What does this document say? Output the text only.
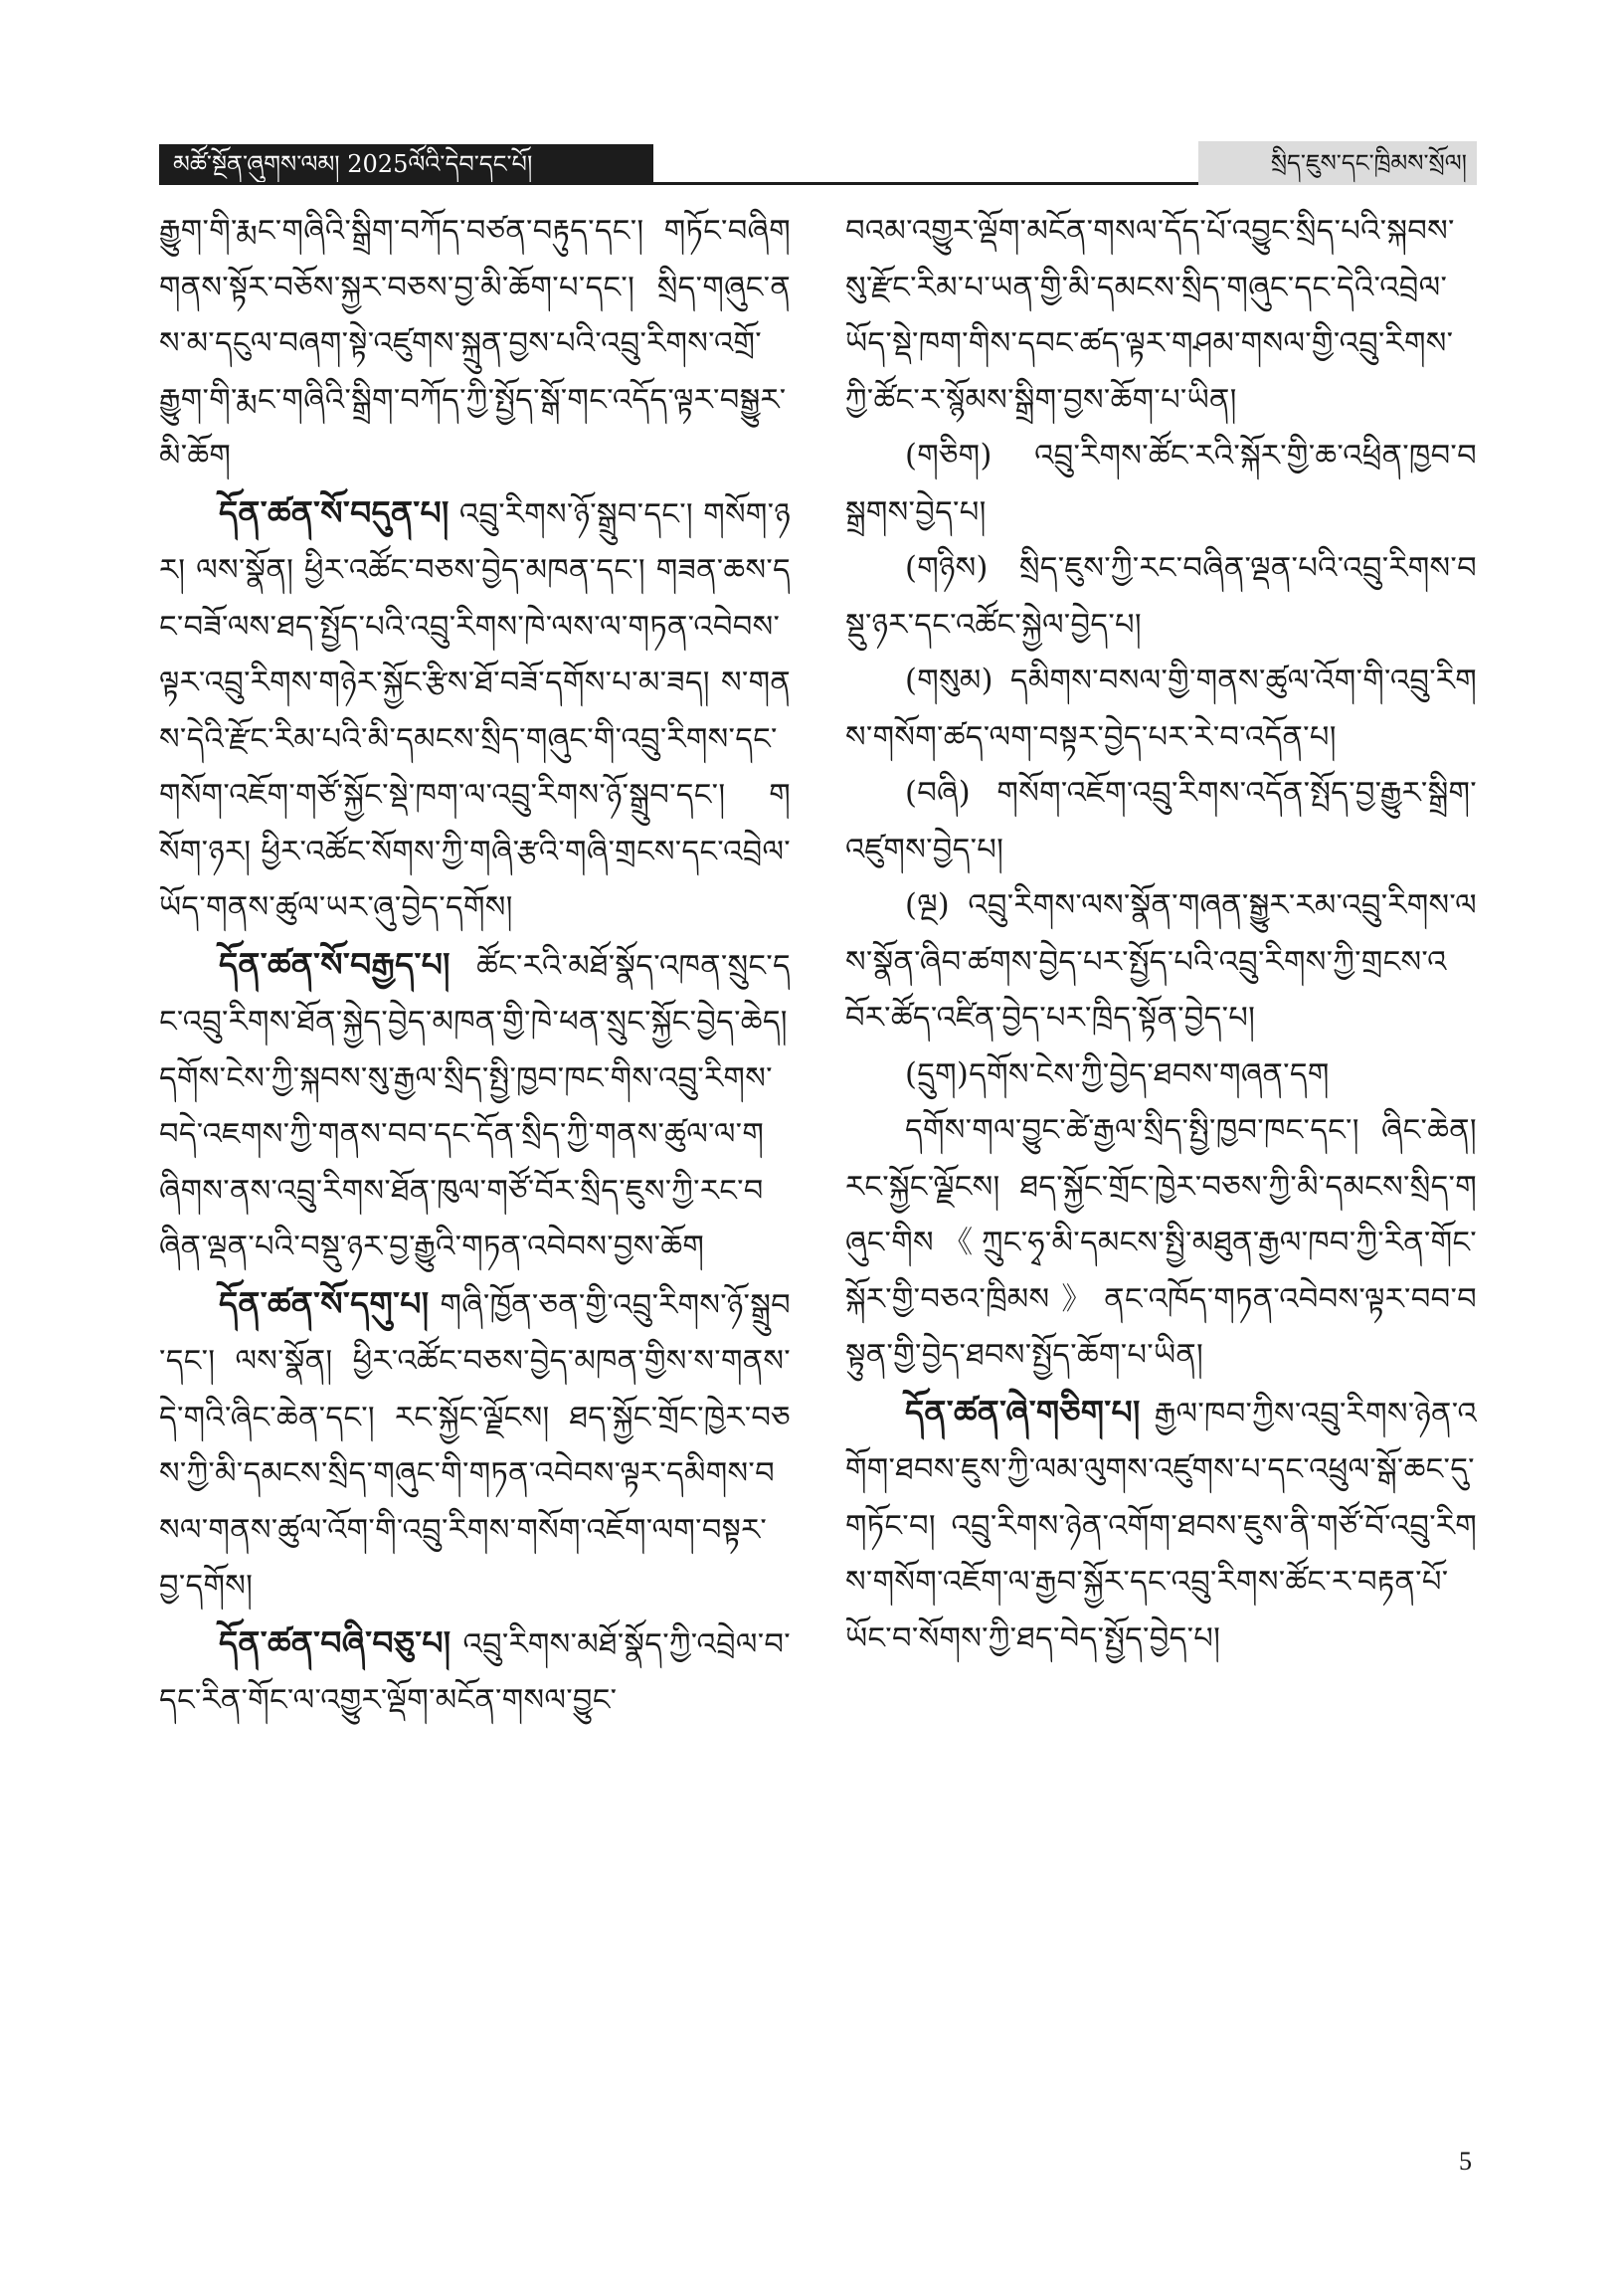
མཚོ་སྔོན་ཞུགས་ལམ། 2025ལོའི་དེབ་དང་པོ།	སྲིད་ཇུས་དང་ཁྲིམས་སྲོལ།

རྒྱུག་གི་རྨང་གཞིའི་སྒྲིག་བཀོད་བཙན་བརྟུད་དང་། གཏོང་བཞིག གནས་སྟོར་བཅོས་སྐྱར་བཅས་བྱ་མི་ཆོག་པ་དང་། སྲིད་གཞུང་ནས་མ་དངུལ་བཞག་སྟེ་འཛུགས་སྐྲུན་བྱས་པའི་འབྲུ་རིགས་འགྲོ་རྒྱུག་གི་རྨང་གཞིའི་སྒྲིག་བཀོད་ཀྱི་སྤྱོད་སྒོ་གང་འདོད་ལྟར་བསྒྱུར་མི་ཆོག

དོན་ཚན་སོ་བདུན་པ། འབྲུ་རིགས་ཉོ་སྒྲུབ་དང་། གསོག་ཉར། ལས་སྣོན། ཕྱིར་འཚོང་བཅས་བྱེད་མཁན་དང་། གཟན་ཆས་དང་བཟོ་ལས་ཐད་སྤྱོད་པའི་འབྲུ་རིགས་ཁེ་ལས་ལ་གཏན་འབེབས་ལྟར་འབྲུ་རིགས་གཉེར་སྐྱོང་རྩིས་ཐོ་བཟོ་དགོས་པ་མ་ཟད། ས་གནས་དེའི་རྫོང་རིམ་པའི་མི་དམངས་སྲིད་གཞུང་གི་འབྲུ་རིགས་དང་གསོག་འཇོག་གཙོ་སྐྱོང་སྡེ་ཁག་ལ་འབྲུ་རིགས་ཉོ་སྒྲུབ་དང་། གསོག་ཉར། ཕྱིར་འཚོང་སོགས་ཀྱི་གཞི་རྩའི་གཞི་གྲངས་དང་འབྲེལ་ཡོད་གནས་ཚུལ་ཡར་ཞུ་བྱེད་དགོས།

དོན་ཚན་སོ་བརྒྱད་པ། ཚོང་རའི་མཐོ་སྣོད་འཁན་སྲུང་དང་འབྲུ་རིགས་ཐོན་སྐྱེད་བྱེད་མཁན་གྱི་ཁེ་ཕན་སྲུང་སྐྱོང་བྱེད་ཆེད། དགོས་ངེས་ཀྱི་སྐབས་སུ་རྒྱལ་སྲིད་སྤྱི་ཁྱབ་ཁང་གིས་འབྲུ་རིགས་བདེ་འཇགས་ཀྱི་གནས་བབ་དང་དོན་སྲིད་ཀྱི་གནས་ཚུལ་ལ་གཞིགས་ནས་འབྲུ་རིགས་ཐོན་ཁུལ་གཙོ་བོར་སྲིད་ཇུས་ཀྱི་རང་བཞིན་ལྡན་པའི་བསྡུ་ཉར་བྱ་རྒྱུའི་གཏན་འབེབས་བྱས་ཆོག

དོན་ཚན་སོ་དགུ་པ། གཞི་ཁྱོན་ཅན་གྱི་འབྲུ་རིགས་ཉོ་སྒྲུབ་དང་། ལས་སྣོན། ཕྱིར་འཚོང་བཅས་བྱེད་མཁན་གྱིས་ས་གནས་དེ་གའི་ཞིང་ཆེན་དང་། རང་སྐྱོང་ལྗོངས། ཐད་སྐྱོང་གྲོང་ཁྱེར་བཅས་ཀྱི་མི་དམངས་སྲིད་གཞུང་གི་གཏན་འབེབས་ལྟར་དམིགས་བསལ་གནས་ཚུལ་འོག་གི་འབྲུ་རིགས་གསོག་འཇོག་ལག་བསྟར་བྱ་དགོས།

དོན་ཚན་བཞི་བཅུ་པ། འབྲུ་རིགས་མཐོ་སྣོད་ཀྱི་འབྲེལ་བ་དང་རིན་གོང་ལ་འགྱུར་ལྡོག་མངོན་གསལ་བྱུང་

བའམ་འགྱུར་ལྡོག་མངོན་གསལ་དོད་པོ་འབྱུང་སྲིད་པའི་སྐབས་སུ་རྫོང་རིམ་པ་ཡན་གྱི་མི་དམངས་སྲིད་གཞུང་དང་དེའི་འབྲེལ་ཡོད་སྡེ་ཁག་གིས་དབང་ཚད་ལྟར་གཤམ་གསལ་གྱི་འབྲུ་རིགས་ཀྱི་ཚོང་ར་སྙོམས་སྒྲིག་བྱས་ཆོག་པ་ཡིན།

(གཅིག) འབྲུ་རིགས་ཚོང་རའི་སྐོར་གྱི་ཆ་འཕྲིན་ཁྱབ་བསྒྲགས་བྱེད་པ།

(གཉིས) སྲིད་ཇུས་ཀྱི་རང་བཞིན་ལྡན་པའི་འབྲུ་རིགས་བསྡུ་ཉར་དང་འཚོང་སྐྱེལ་བྱེད་པ།

(གསུམ) དམིགས་བསལ་གྱི་གནས་ཚུལ་འོག་གི་འབྲུ་རིགས་གསོག་ཚད་ལག་བསྟར་བྱེད་པར་རེ་བ་འདོན་པ།

(བཞི) གསོག་འཇོག་འབྲུ་རིགས་འདོན་སྤོད་བྱ་རྒྱུར་སྒྲིག་འཛུགས་བྱེད་པ།

(ལྔ) འབྲུ་རིགས་ལས་སྣོན་གཞན་སྒྱུར་རམ་འབྲུ་རིགས་ལས་སྣོན་ཞིབ་ཚགས་བྱེད་པར་སྤྱོད་པའི་འབྲུ་རིགས་ཀྱི་གྲངས་འབོར་ཚོད་འཛིན་བྱེད་པར་ཁྲིད་སྟོན་བྱེད་པ།

(དྲུག)དགོས་ངེས་ཀྱི་བྱེད་ཐབས་གཞན་དག

དགོས་གལ་བྱུང་ཚེ་རྒྱལ་སྲིད་སྤྱི་ཁྱབ་ཁང་དང་། ཞིང་ཆེན། རང་སྐྱོང་ལྗོངས། ཐད་སྐྱོང་གྲོང་ཁྱེར་བཅས་ཀྱི་མི་དམངས་སྲིད་གཞུང་གིས《ཀྲུང་ཧྭ་མི་དམངས་སྤྱི་མཐུན་རྒྱལ་ཁབ་ཀྱི་རིན་གོང་སྐོར་གྱི་བཅའ་ཁྲིམས》ནང་འཁོད་གཏན་འབེབས་ལྟར་བབ་བསྟུན་གྱི་བྱེད་ཐབས་སྤྱོད་ཆོག་པ་ཡིན།

དོན་ཚན་ཞེ་གཅིག་པ། རྒྱལ་ཁབ་ཀྱིས་འབྲུ་རིགས་ཉེན་འགོག་ཐབས་ཇུས་ཀྱི་ལམ་ལུགས་འཛུགས་པ་དང་འཕྲུལ་སྒོ་ཆང་དུ་གཏོང་བ། འབྲུ་རིགས་ཉེན་འགོག་ཐབས་ཇུས་ནི་གཙོ་བོ་འབྲུ་རིགས་གསོག་འཇོག་ལ་རྒྱབ་སྐྱོར་དང་འབྲུ་རིགས་ཚོང་ར་བརྟན་པོ་ཡོང་བ་སོགས་ཀྱི་ཐད་བེད་སྤྱོད་བྱེད་པ།

5
